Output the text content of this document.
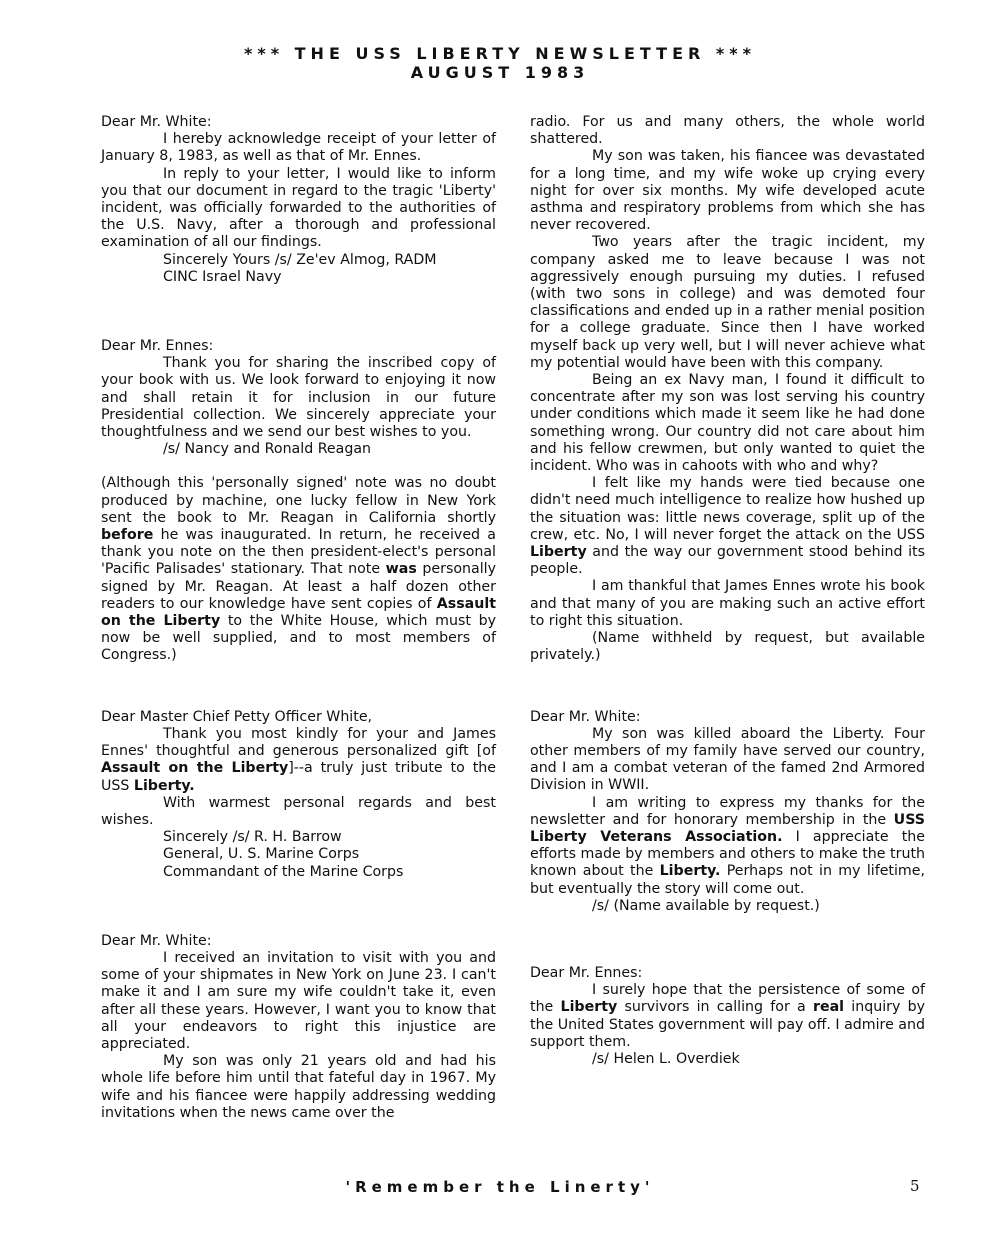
*** THE USS LIBERTY NEWSLETTER ***
AUGUST 1983

Dear Mr. White:

I hereby acknowledge receipt of your letter of January 8, 1983, as well as that of Mr. Ennes.

In reply to your letter, I would like to inform you that our document in regard to the tragic 'Liberty' incident, was officially forwarded to the authorities of the U.S. Navy, after a thorough and professional examination of all our findings.

Sincerely Yours /s/ Ze'ev Almog, RADM

CINC Israel Navy

Dear Mr. Ennes:

Thank you for sharing the inscribed copy of your book with us. We look forward to enjoying it now and shall retain it for inclusion in our future Presidential collection. We sincerely appreciate your thoughtfulness and we send our best wishes to you.

/s/ Nancy and Ronald Reagan

(Although this 'personally signed' note was no doubt produced by machine, one lucky fellow in New York sent the book to Mr. Reagan in California shortly before he was inaugurated. In return, he received a thank you note on the then president-elect's personal 'Pacific Palisades' stationary. That note was personally signed by Mr. Reagan. At least a half dozen other readers to our knowledge have sent copies of Assault on the Liberty to the White House, which must by now be well supplied, and to most members of Congress.)

Dear Master Chief Petty Officer White,

Thank you most kindly for your and James Ennes' thoughtful and generous personalized gift [of Assault on the Liberty]--a truly just tribute to the USS Liberty.

With warmest personal regards and best wishes.

Sincerely /s/ R. H. Barrow

General, U. S. Marine Corps

Commandant of the Marine Corps

Dear Mr. White:

I received an invitation to visit with you and some of your shipmates in New York on June 23. I can't make it and I am sure my wife couldn't take it, even after all these years. However, I want you to know that all your endeavors to right this injustice are appreciated.

My son was only 21 years old and had his whole life before him until that fateful day in 1967. My wife and his fiancee were happily addressing wedding invitations when the news came over the

radio. For us and many others, the whole world shattered.

My son was taken, his fiancee was devastated for a long time, and my wife woke up crying every night for over six months. My wife developed acute asthma and respiratory problems from which she has never recovered.

Two years after the tragic incident, my company asked me to leave because I was not aggressively enough pursuing my duties. I refused (with two sons in college) and was demoted four classifications and ended up in a rather menial position for a college graduate. Since then I have worked myself back up very well, but I will never achieve what my potential would have been with this company.

Being an ex Navy man, I found it difficult to concentrate after my son was lost serving his country under conditions which made it seem like he had done something wrong. Our country did not care about him and his fellow crewmen, but only wanted to quiet the incident. Who was in cahoots with who and why?

I felt like my hands were tied because one didn't need much intelligence to realize how hushed up the situation was: little news coverage, split up of the crew, etc. No, I will never forget the attack on the USS Liberty and the way our government stood behind its people.

I am thankful that James Ennes wrote his book and that many of you are making such an active effort to right this situation.

(Name withheld by request, but available privately.)

Dear Mr. White:

My son was killed aboard the Liberty. Four other members of my family have served our country, and I am a combat veteran of the famed 2nd Armored Division in WWII.

I am writing to express my thanks for the newsletter and for honorary membership in the USS Liberty Veterans Association. I appreciate the efforts made by members and others to make the truth known about the Liberty. Perhaps not in my lifetime, but eventually the story will come out.

/s/ (Name available by request.)

Dear Mr. Ennes:

I surely hope that the persistence of some of the Liberty survivors in calling for a real inquiry by the United States government will pay off. I admire and support them.

/s/ Helen L. Overdiek

'Remember the Linerty'	5
